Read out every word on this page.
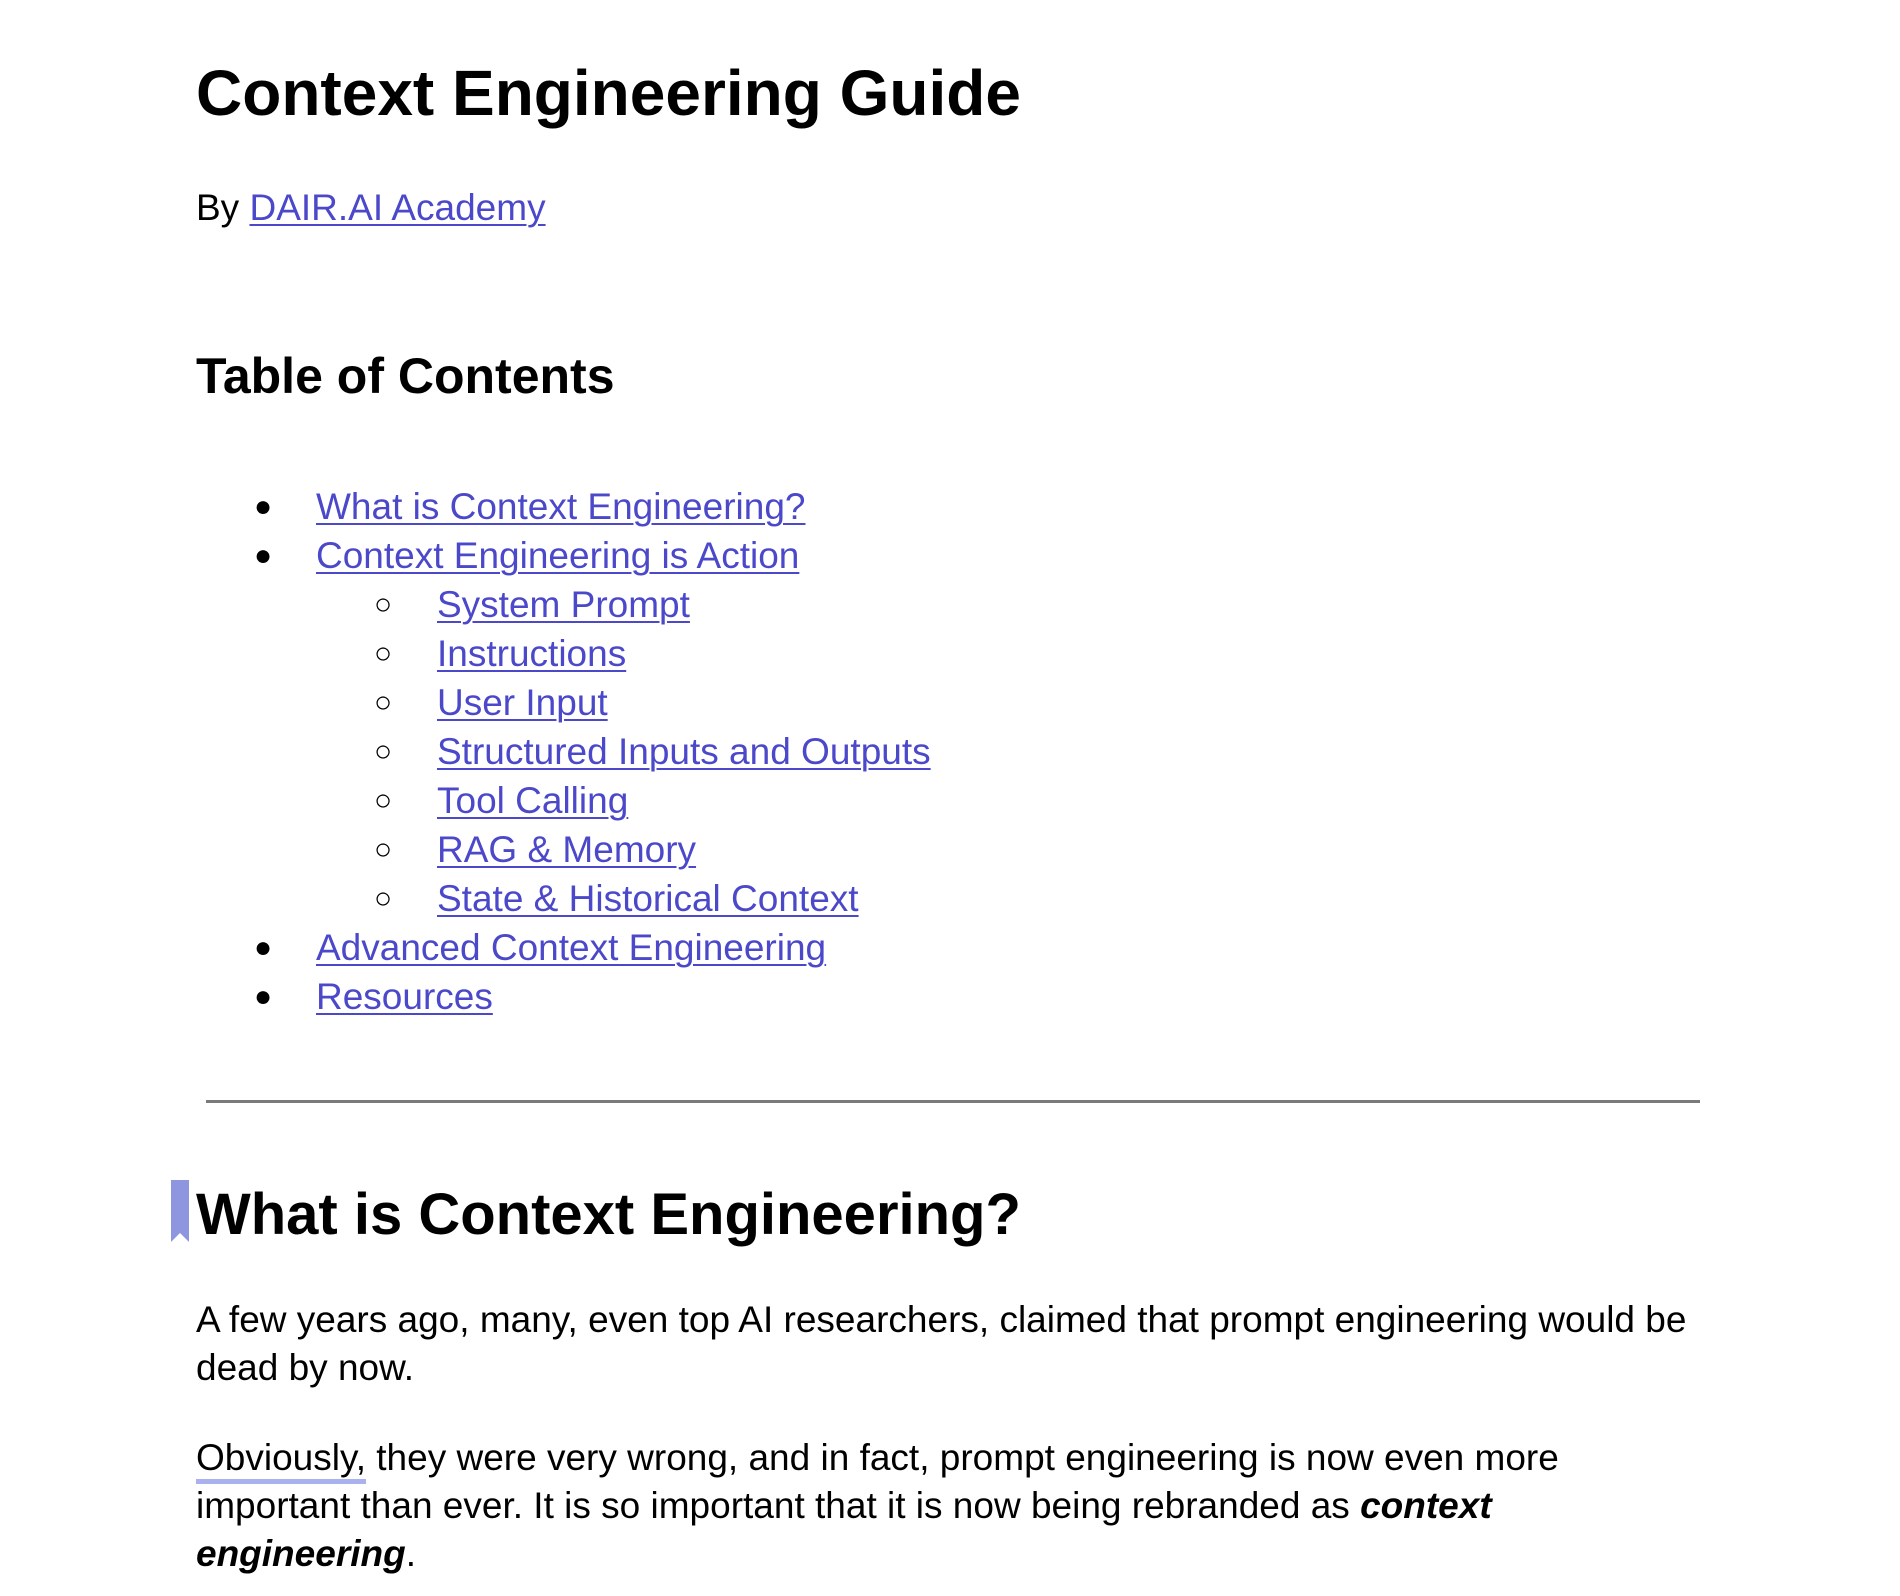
Context Engineering Guide
By DAIR.AI Academy
Table of Contents
● What is Context Engineering?
● Context Engineering is Action
○ System Prompt
○ Instructions
○ User Input
○ Structured Inputs and Outputs
○ Tool Calling
○ RAG & Memory
○ State & Historical Context
● Advanced Context Engineering
● Resources
What is Context Engineering?

A few years ago, many, even top AI researchers, claimed that prompt engineering would be dead by now.

Obviously, they were very wrong, and in fact, prompt engineering is now even more important than ever. It is so important that it is now being rebranded as context engineering.
